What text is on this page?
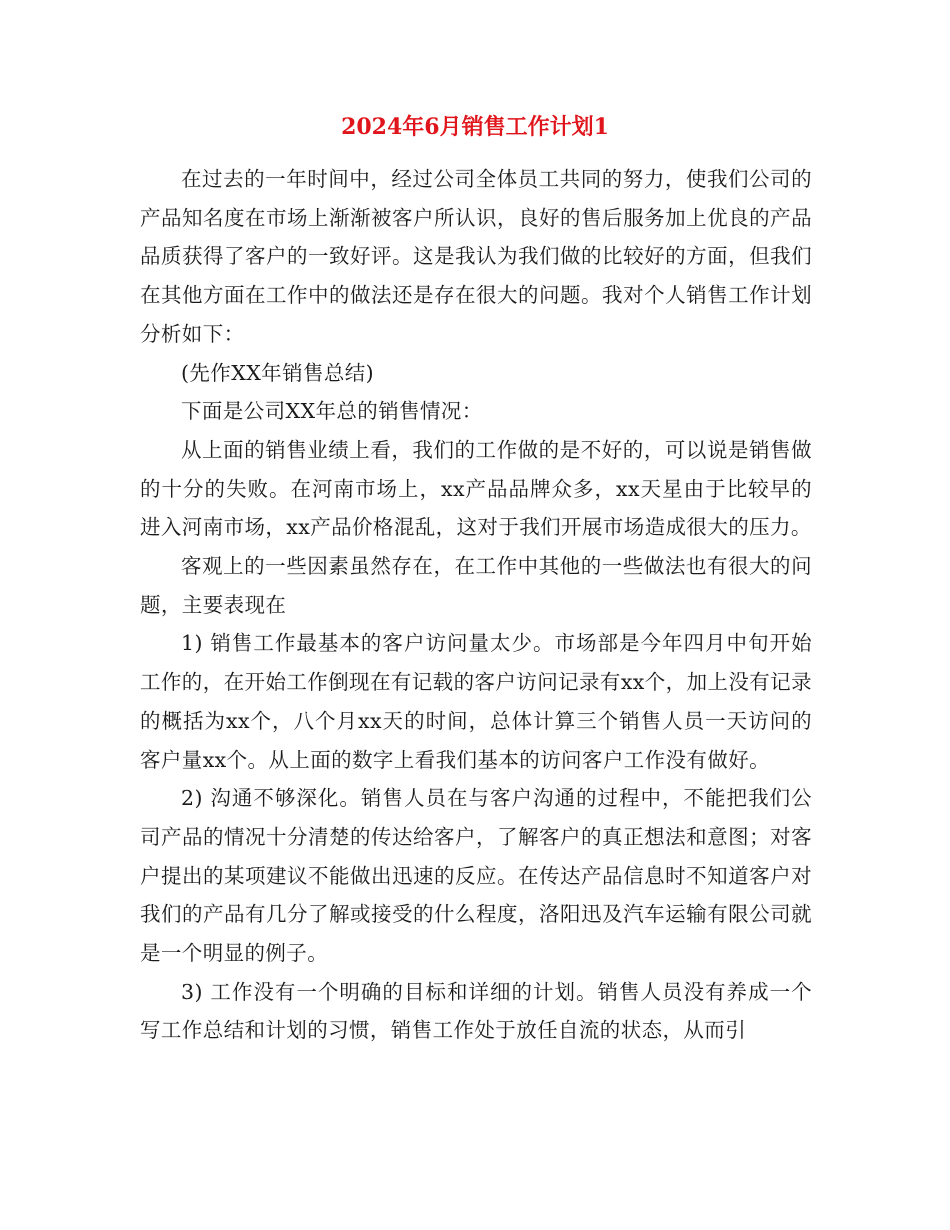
2024年6月销售工作计划1

在过去的一年时间中，经过公司全体员工共同的努力，使我们公司的产品知名度在市场上渐渐被客户所认识，良好的售后服务加上优良的产品品质获得了客户的一致好评。这是我认为我们做的比较好的方面，但我们在其他方面在工作中的做法还是存在很大的问题。我对个人销售工作计划分析如下：

(先作XX年销售总结)

下面是公司XX年总的销售情况：

从上面的销售业绩上看，我们的工作做的是不好的，可以说是销售做的十分的失败。在河南市场上，xx产品品牌众多，xx天星由于比较早的进入河南市场，xx产品价格混乱，这对于我们开展市场造成很大的压力。

客观上的一些因素虽然存在，在工作中其他的一些做法也有很大的问题，主要表现在

1) 销售工作最基本的客户访问量太少。市场部是今年四月中旬开始工作的，在开始工作倒现在有记载的客户访问记录有xx个，加上没有记录的概括为xx个，八个月xx天的时间，总体计算三个销售人员一天访问的客户量xx个。从上面的数字上看我们基本的访问客户工作没有做好。

2) 沟通不够深化。销售人员在与客户沟通的过程中，不能把我们公司产品的情况十分清楚的传达给客户，了解客户的真正想法和意图；对客户提出的某项建议不能做出迅速的反应。在传达产品信息时不知道客户对我们的产品有几分了解或接受的什么程度，洛阳迅及汽车运输有限公司就是一个明显的例子。

3) 工作没有一个明确的目标和详细的计划。销售人员没有养成一个写工作总结和计划的习惯，销售工作处于放任自流的状态，从而引
